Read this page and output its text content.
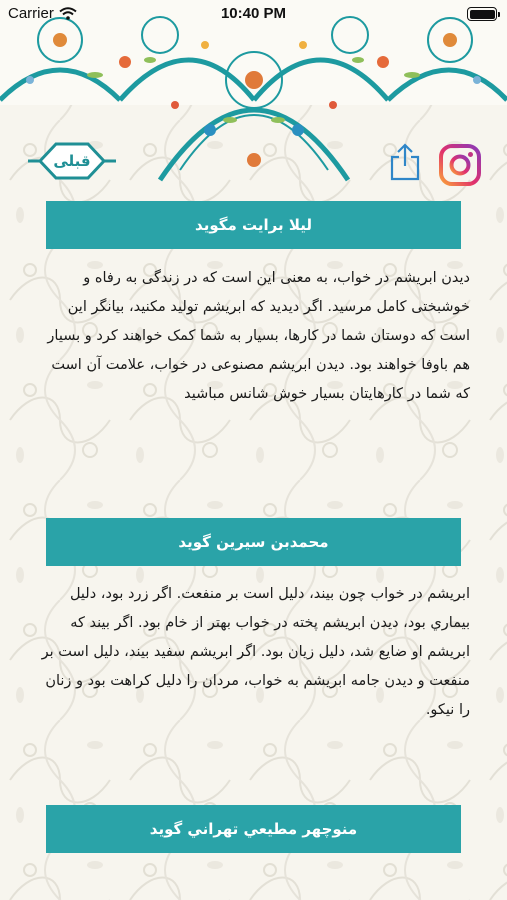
Carrier	10:40 PM
قبلی
ليلا برايت مگويد
ديدن ابريشم در خواب، به معنی اين است که در زندگی به رفاه و خوشبختی کامل مرسيد. اگر ديديد که ابريشم توليد مکنيد، بيانگر اين است که دوستان شما در کارها، بسيار به شما کمک خواهند کرد و بسيار هم باوفا خواهند بود. ديدن ابريشم مصنوعی در خواب، علامت آن است که شما در کارهايتان بسيار خوش شانس مباشيد
محمدبن سيرين گويد
ابريشم در خواب چون بيند، دليل است بر منفعت. اگر زرد بود، دليل بيماري بود، ديدن ابريشم پخته در خواب بهتر از خام بود. اگر بيند که ابريشم او ضايع شد، دليل زيان بود. اگر ابريشم سفيد بيند، دليل است بر منفعت و ديدن جامه ابريشم به خواب، مردان را دليل کراهت بود و زنان را نيکو.
منوچهر مطيعي تهراني گويد
